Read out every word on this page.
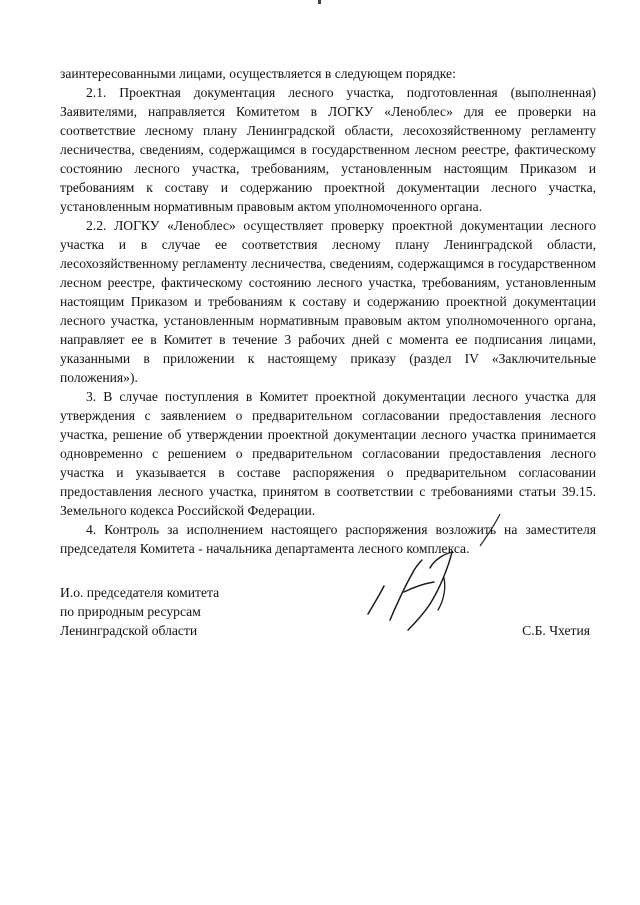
заинтересованными лицами, осуществляется в следующем порядке:

2.1. Проектная документация лесного участка, подготовленная (выполненная) Заявителями, направляется Комитетом в ЛОГКУ «Леноблес» для ее проверки на соответствие лесному плану Ленинградской области, лесохозяйственному регламенту лесничества, сведениям, содержащимся в государственном лесном реестре, фактическому состоянию лесного участка, требованиям, установленным настоящим Приказом и требованиям к составу и содержанию проектной документации лесного участка, установленным нормативным правовым актом уполномоченного органа.

2.2. ЛОГКУ «Леноблес» осуществляет проверку проектной документации лесного участка и в случае ее соответствия лесному плану Ленинградской области, лесохозяйственному регламенту лесничества, сведениям, содержащимся в государственном лесном реестре, фактическому состоянию лесного участка, требованиям, установленным настоящим Приказом и требованиям к составу и содержанию проектной документации лесного участка, установленным нормативным правовым актом уполномоченного органа, направляет ее в Комитет в течение 3 рабочих дней с момента ее подписания лицами, указанными в приложении к настоящему приказу (раздел IV «Заключительные положения»).

3. В случае поступления в Комитет проектной документации лесного участка для утверждения с заявлением о предварительном согласовании предоставления лесного участка, решение об утверждении проектной документации лесного участка принимается одновременно с решением о предварительном согласовании предоставления лесного участка и указывается в составе распоряжения о предварительном согласовании предоставления лесного участка, принятом в соответствии с требованиями статьи 39.15. Земельного кодекса Российской Федерации.

4. Контроль за исполнением настоящего распоряжения возложить на заместителя председателя Комитета - начальника департамента лесного комплекса.

И.о. председателя комитета
по природным ресурсам
Ленинградской области	С.Б. Чхетия
